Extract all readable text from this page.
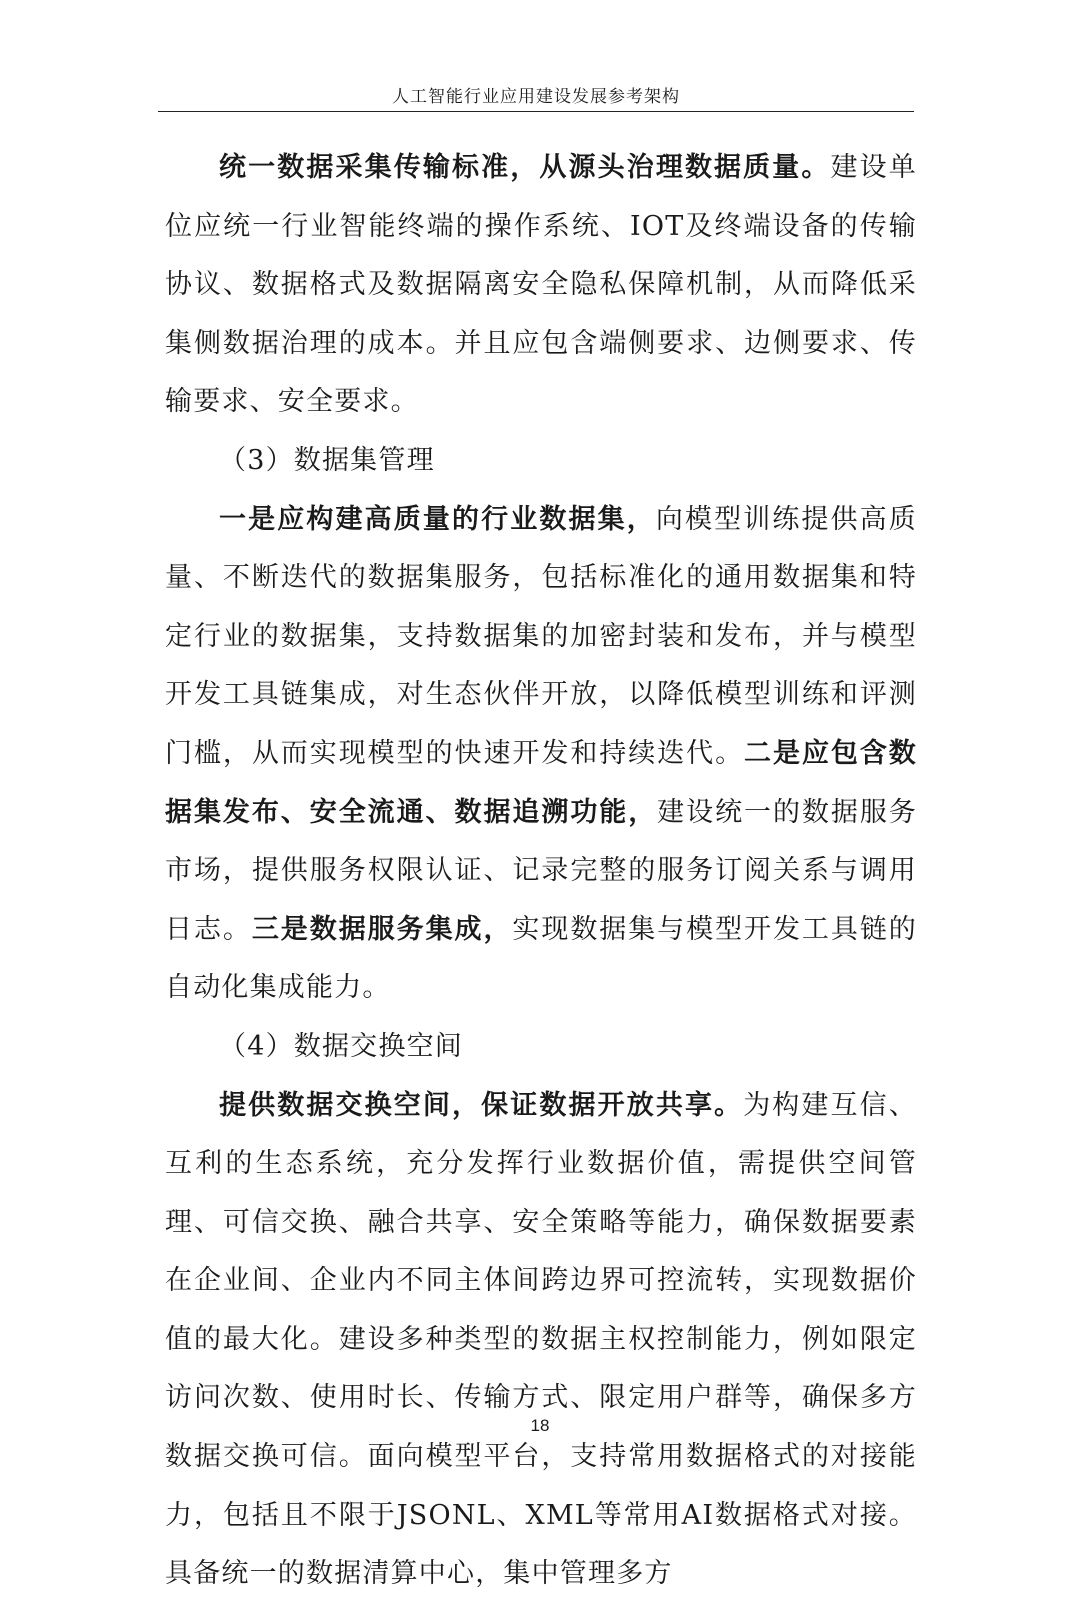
人工智能行业应用建设发展参考架构

统一数据采集传输标准，从源头治理数据质量。建设单位应统一行业智能终端的操作系统、IOT及终端设备的传输协议、数据格式及数据隔离安全隐私保障机制，从而降低采集侧数据治理的成本。并且应包含端侧要求、边侧要求、传输要求、安全要求。

（3）数据集管理

一是应构建高质量的行业数据集，向模型训练提供高质量、不断迭代的数据集服务，包括标准化的通用数据集和特定行业的数据集，支持数据集的加密封装和发布，并与模型开发工具链集成，对生态伙伴开放，以降低模型训练和评测门槛，从而实现模型的快速开发和持续迭代。二是应包含数据集发布、安全流通、数据追溯功能，建设统一的数据服务市场，提供服务权限认证、记录完整的服务订阅关系与调用日志。三是数据服务集成，实现数据集与模型开发工具链的自动化集成能力。

（4）数据交换空间

提供数据交换空间，保证数据开放共享。为构建互信、互利的生态系统，充分发挥行业数据价值，需提供空间管理、可信交换、融合共享、安全策略等能力，确保数据要素在企业间、企业内不同主体间跨边界可控流转，实现数据价值的最大化。建设多种类型的数据主权控制能力，例如限定访问次数、使用时长、传输方式、限定用户群等，确保多方数据交换可信。面向模型平台，支持常用数据格式的对接能力，包括且不限于JSONL、XML等常用AI数据格式对接。具备统一的数据清算中心，集中管理多方

18
